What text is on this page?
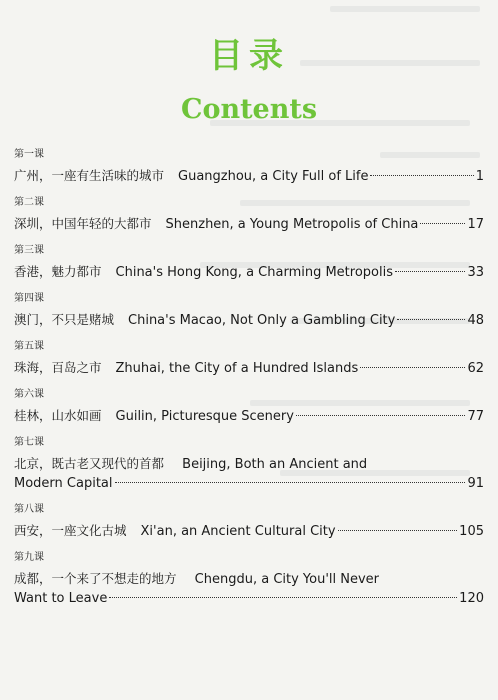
目录
Contents
第一课
广州，一座有生活味的城市 Guangzhou, a City Full of Life	1
第二课
深圳，中国年轻的大都市 Shenzhen, a Young Metropolis of China	17
第三课
香港，魅力都市 China's Hong Kong, a Charming Metropolis	33
第四课
澳门，不只是赌城 China's Macao, Not Only a Gambling City	48
第五课
珠海，百岛之市 Zhuhai, the City of a Hundred Islands	62
第六课
桂林，山水如画 Guilin, Picturesque Scenery	77
第七课
北京，既古老又现代的首都 Beijing, Both an Ancient and
Modern Capital	91
第八课
西安，一座文化古城 Xi'an, an Ancient Cultural City	105
第九课
成都，一个来了不想走的地方 Chengdu, a City You'll Never
Want to Leave	120
